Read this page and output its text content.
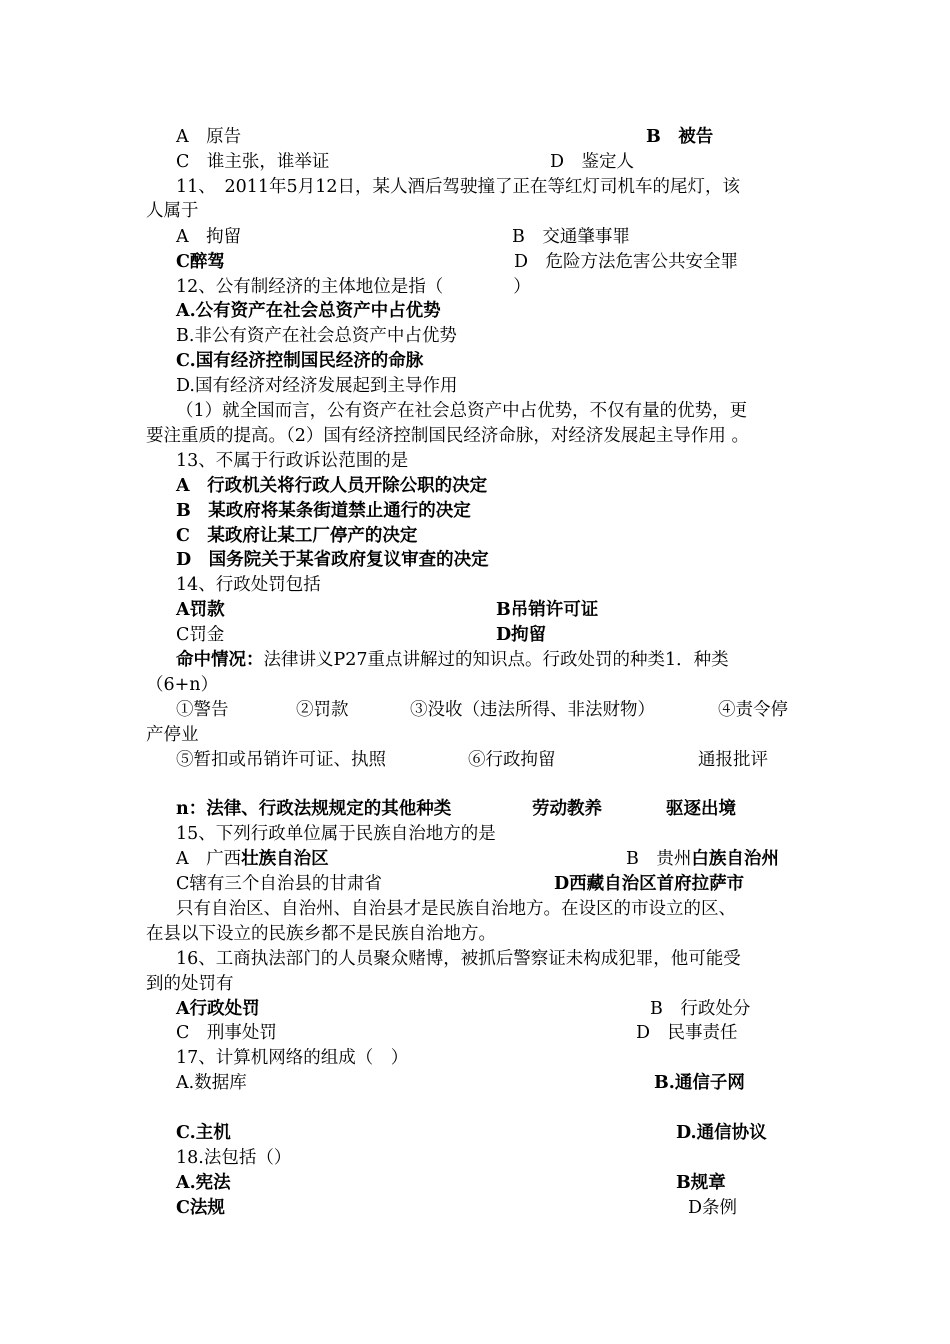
A　原告	B　被告
C　谁主张，谁举证	D　鉴定人
11、　2011年5月12日，某人酒后驾驶撞了正在等红灯司机车的尾灯，该
人属于
A　拘留	B　交通肇事罪
C醉驾	D　危险方法危害公共安全罪
12、公有制经济的主体地位是指（　　　　）
A.公有资产在社会总资产中占优势
B.非公有资产在社会总资产中占优势
C.国有经济控制国民经济的命脉
D.国有经济对经济发展起到主导作用
（1）就全国而言，公有资产在社会总资产中占优势，不仅有量的优势，更
要注重质的提高。（2）国有经济控制国民经济命脉，对经济发展起主导作用 。
13、不属于行政诉讼范围的是
A　行政机关将行政人员开除公职的决定
B　某政府将某条街道禁止通行的决定
C　某政府让某工厂停产的决定
D　国务院关于某省政府复议审查的决定
14、行政处罚包括
A罚款	B吊销许可证
C罚金	D拘留
命中情况：法律讲义P27重点讲解过的知识点。行政处罚的种类1．种类
（6+n）
①警告	②罚款	③没收（违法所得、非法财物）	④责令停
产停业
⑤暂扣或吊销许可证、执照	⑥行政拘留	通报批评
n：法律、行政法规规定的其他种类	劳动教养	驱逐出境
15、下列行政单位属于民族自治地方的是
A　广西壮族自治区	B　贵州白族自治州
C辖有三个自治县的甘肃省	D西藏自治区首府拉萨市
只有自治区、自治州、自治县才是民族自治地方。在设区的市设立的区、
在县以下设立的民族乡都不是民族自治地方。
16、工商执法部门的人员聚众赌博，被抓后警察证未构成犯罪，他可能受
到的处罚有
A行政处罚	B　行政处分
C　刑事处罚	D　民事责任
17、计算机网络的组成（　）
A.数据库	B.通信子网
C.主机	D.通信协议
18.法包括（）
A.宪法	B规章
C法规	D条例
